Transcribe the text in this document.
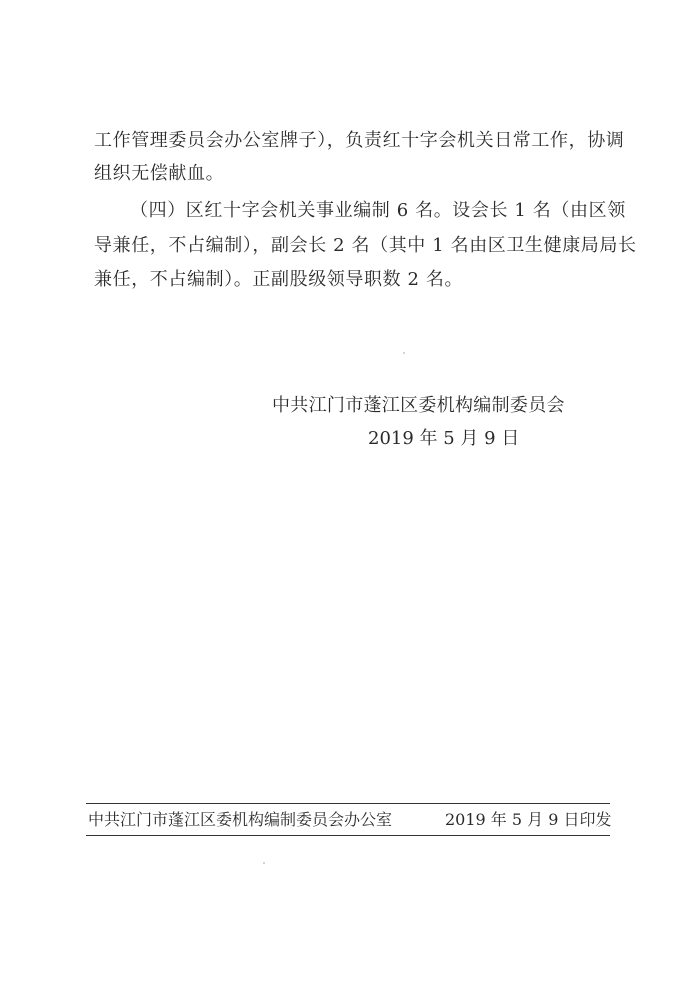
工作管理委员会办公室牌子），负责红十字会机关日常工作，协调
组织无偿献血。
（四）区红十字会机关事业编制 6 名。设会长 1 名（由区领
导兼任，不占编制），副会长 2 名（其中 1 名由区卫生健康局局长
兼任，不占编制）。正副股级领导职数 2 名。
中共江门市蓬江区委机构编制委员会
2019 年 5 月 9 日
中共江门市蓬江区委机构编制委员会办公室	2019 年 5 月 9 日印发
